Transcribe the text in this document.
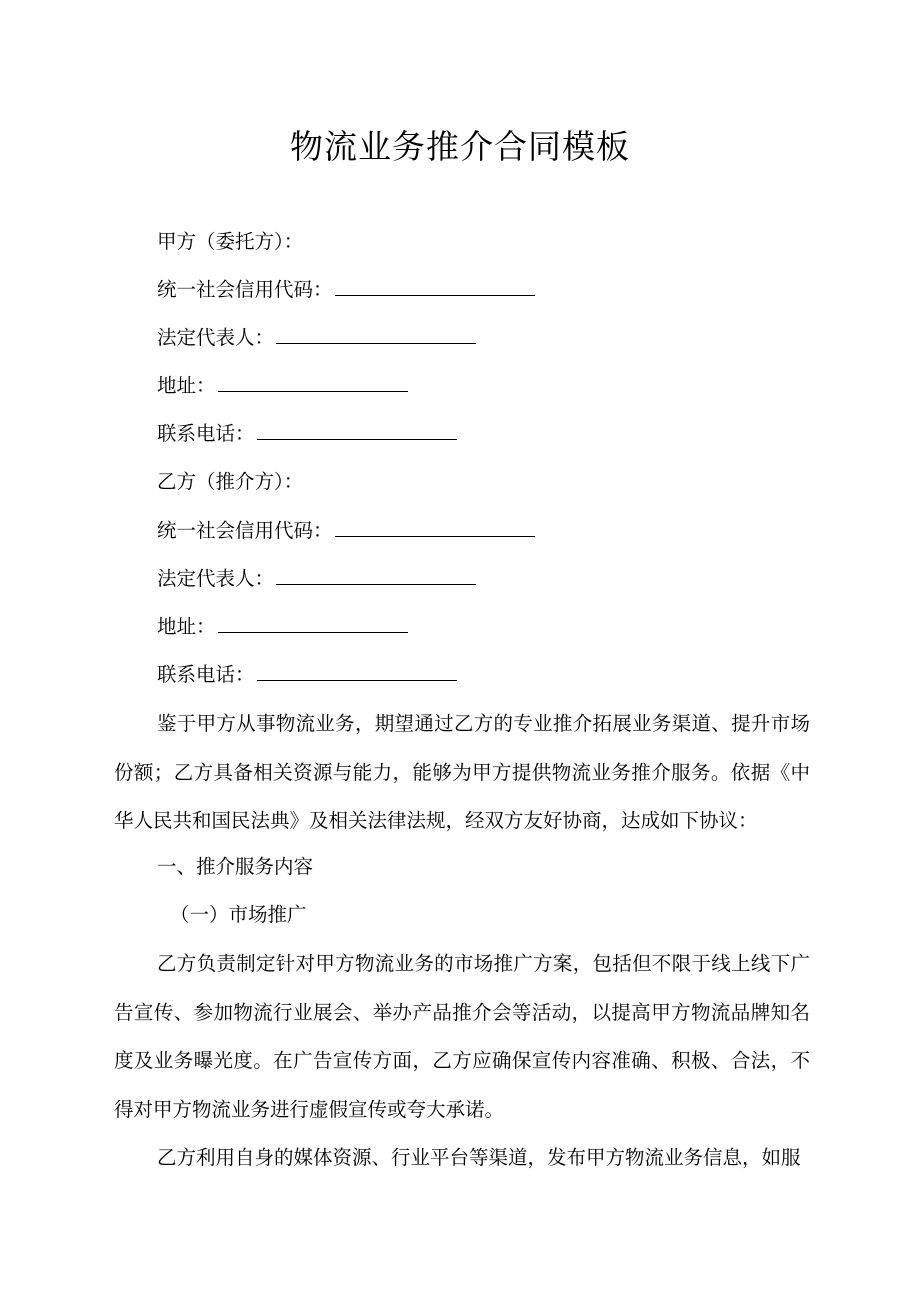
物流业务推介合同模板
甲方（委托方）：
统一社会信用代码：
法定代表人：
地址：
联系电话：
乙方（推介方）：
统一社会信用代码：
法定代表人：
地址：
联系电话：
鉴于甲方从事物流业务，期望通过乙方的专业推介拓展业务渠道、提升市场份额；乙方具备相关资源与能力，能够为甲方提供物流业务推介服务。依据《中华人民共和国民法典》及相关法律法规，经双方友好协商，达成如下协议：
一、推介服务内容
（一）市场推广
乙方负责制定针对甲方物流业务的市场推广方案，包括但不限于线上线下广告宣传、参加物流行业展会、举办产品推介会等活动，以提高甲方物流品牌知名度及业务曝光度。在广告宣传方面，乙方应确保宣传内容准确、积极、合法，不得对甲方物流业务进行虚假宣传或夸大承诺。
乙方利用自身的媒体资源、行业平台等渠道，发布甲方物流业务信息，如服
